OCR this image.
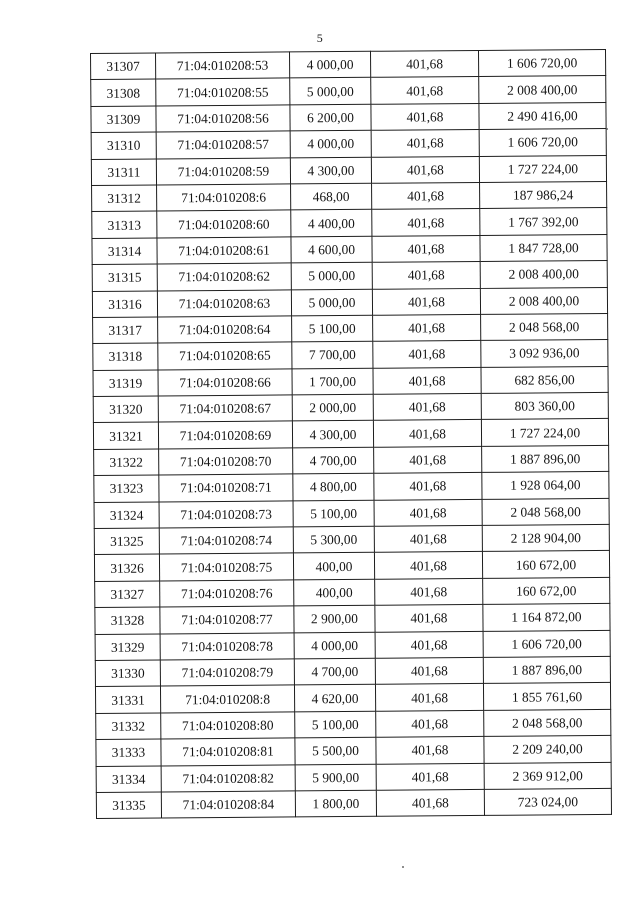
5
31307	71:04:010208:53	4 000,00	401,68	1 606 720,00
31308	71:04:010208:55	5 000,00	401,68	2 008 400,00
31309	71:04:010208:56	6 200,00	401,68	2 490 416,00
31310	71:04:010208:57	4 000,00	401,68	1 606 720,00
31311	71:04:010208:59	4 300,00	401,68	1 727 224,00
31312	71:04:010208:6	468,00	401,68	187 986,24
31313	71:04:010208:60	4 400,00	401,68	1 767 392,00
31314	71:04:010208:61	4 600,00	401,68	1 847 728,00
31315	71:04:010208:62	5 000,00	401,68	2 008 400,00
31316	71:04:010208:63	5 000,00	401,68	2 008 400,00
31317	71:04:010208:64	5 100,00	401,68	2 048 568,00
31318	71:04:010208:65	7 700,00	401,68	3 092 936,00
31319	71:04:010208:66	1 700,00	401,68	682 856,00
31320	71:04:010208:67	2 000,00	401,68	803 360,00
31321	71:04:010208:69	4 300,00	401,68	1 727 224,00
31322	71:04:010208:70	4 700,00	401,68	1 887 896,00
31323	71:04:010208:71	4 800,00	401,68	1 928 064,00
31324	71:04:010208:73	5 100,00	401,68	2 048 568,00
31325	71:04:010208:74	5 300,00	401,68	2 128 904,00
31326	71:04:010208:75	400,00	401,68	160 672,00
31327	71:04:010208:76	400,00	401,68	160 672,00
31328	71:04:010208:77	2 900,00	401,68	1 164 872,00
31329	71:04:010208:78	4 000,00	401,68	1 606 720,00
31330	71:04:010208:79	4 700,00	401,68	1 887 896,00
31331	71:04:010208:8	4 620,00	401,68	1 855 761,60
31332	71:04:010208:80	5 100,00	401,68	2 048 568,00
31333	71:04:010208:81	5 500,00	401,68	2 209 240,00
31334	71:04:010208:82	5 900,00	401,68	2 369 912,00
31335	71:04:010208:84	1 800,00	401,68	723 024,00
